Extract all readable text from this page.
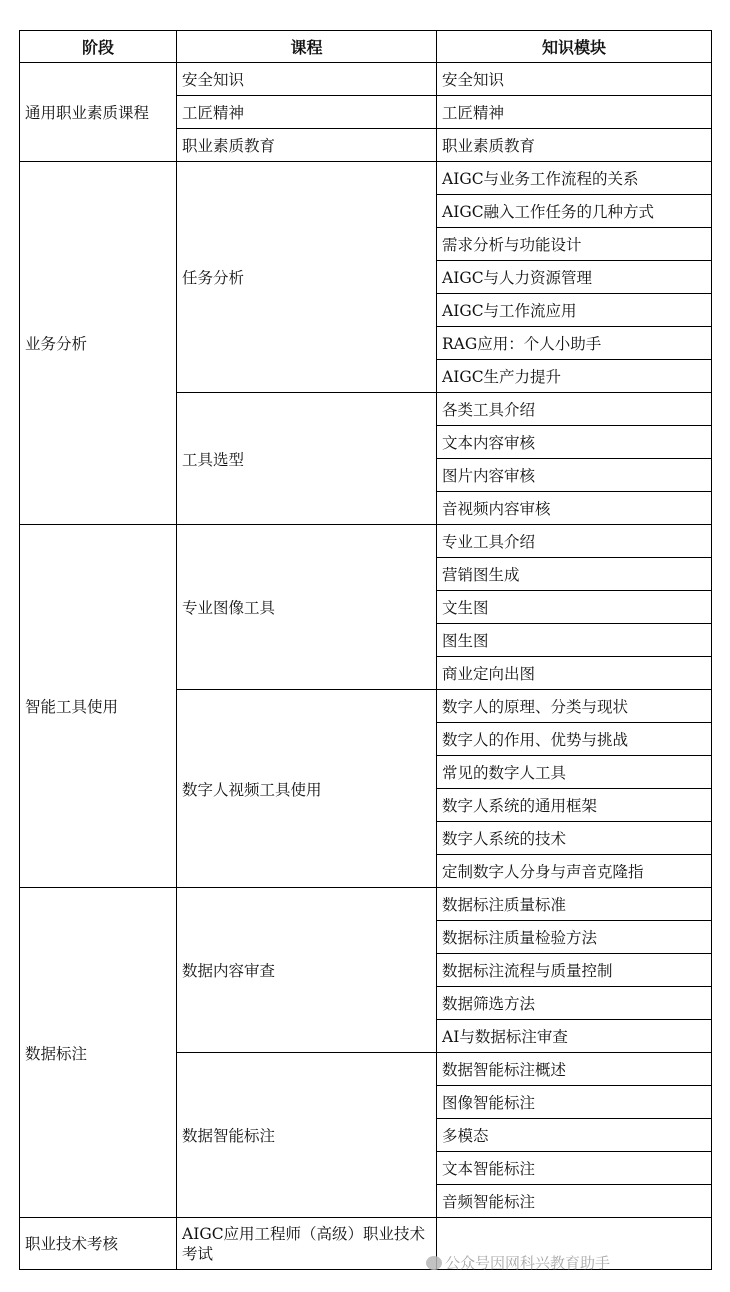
阶段	课程	知识模块
通用职业素质课程	安全知识	安全知识
	工匠精神	工匠精神
	职业素质教育	职业素质教育
业务分析	任务分析	AIGC与业务工作流程的关系
		AIGC融入工作任务的几种方式
		需求分析与功能设计
		AIGC与人力资源管理
		AIGC与工作流应用
		RAG应用：个人小助手
		AIGC生产力提升
	工具选型	各类工具介绍
		文本内容审核
		图片内容审核
		音视频内容审核
智能工具使用	专业图像工具	专业工具介绍
		营销图生成
		文生图
		图生图
		商业定向出图
	数字人视频工具使用	数字人的原理、分类与现状
		数字人的作用、优势与挑战
		常见的数字人工具
		数字人系统的通用框架
		数字人系统的技术
		定制数字人分身与声音克隆指
数据标注	数据内容审查	数据标注质量标准
		数据标注质量检验方法
		数据标注流程与质量控制
		数据筛选方法
		AI与数据标注审查
	数据智能标注	数据智能标注概述
		图像智能标注
		多模态
		文本智能标注
		音频智能标注
职业技术考核	AIGC应用工程师（高级）职业技术考试	
公众号因网科兴教育助手
